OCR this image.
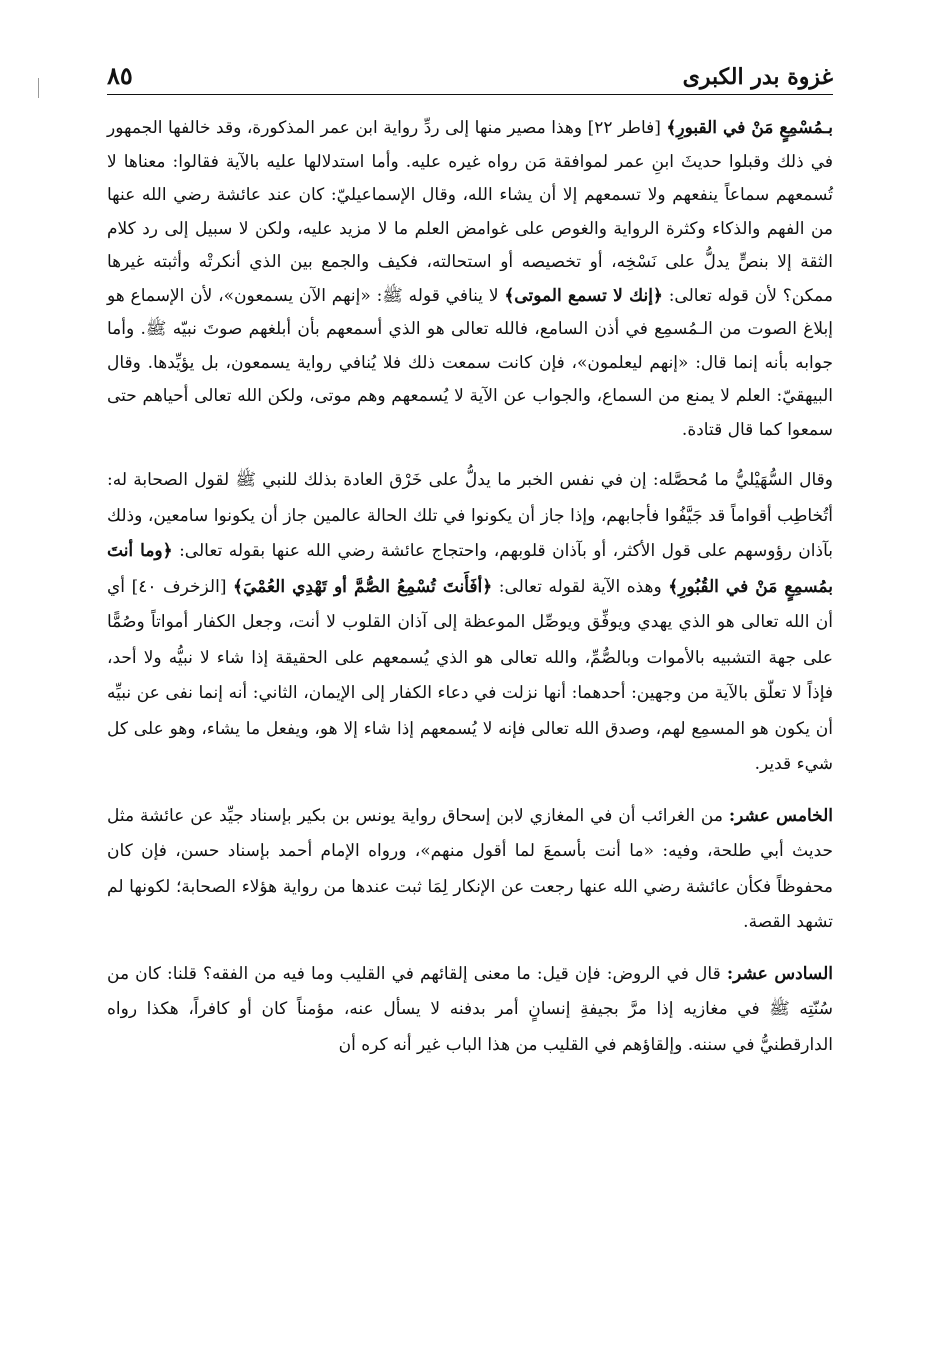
غزوة بدر الكبرى
٨٥

بـمُسْمِعٍ مَنْ في القبورِ﴾ [فاطر ٢٢] وهذا مصير منها إلى ردِّ رواية ابن عمر المذكورة، وقد خالفها الجمهور في ذلك وقبلوا حديثَ ابنِ عمر لموافقة مَن رواه غيره عليه. وأما استدلالها عليه بالآية فقالوا: معناها لا تُسمعهم سماعاً ينفعهم ولا تسمعهم إلا أن يشاء الله، وقال الإسماعيليّ: كان عند عائشة رضي الله عنها من الفهم والذكاء وكثرة الرواية والغوص على غوامض العلم ما لا مزيد عليه، ولكن لا سبيل إلى رد كلام الثقة إلا بنصٍّ يدلُّ على نَسْخِه، أو تخصيصه أو استحالته، فكيف والجمع بين الذي أنكرتْه وأثبته غيرها ممكن؟ لأن قوله تعالى: ﴿إنك لا تسمع الموتى﴾ لا ينافي قوله ﷺ: «إنهم الآن يسمعون»، لأن الإسماع هو إبلاغ الصوت من الـمُسمِع في أذن السامع، فالله تعالى هو الذي أسمعهم بأن أبلغهم صوتَ نبيّه ﷺ. وأما جوابه بأنه إنما قال: «إنهم ليعلمون»، فإن كانت سمعت ذلك فلا يُنافي رواية يسمعون، بل يؤيِّدها. وقال البيهقيّ: العلم لا يمنع من السماع، والجواب عن الآية لا يُسمعهم وهم موتى، ولكن الله تعالى أحياهم حتى سمعوا كما قال قتادة.

وقال السُّهَيْليُّ ما مُحصَّله: إن في نفس الخبر ما يدلُّ على خَرْق العادة بذلك للنبي ﷺ لقول الصحابة له: أتُخاطِب أقواماً قد جَيَّفُوا فأجابهم، وإذا جاز أن يكونوا في تلك الحالة عالمين جاز أن يكونوا سامعين، وذلك بآذان رؤوسهم على قول الأكثر، أو بآذان قلوبهم، واحتجاج عائشة رضي الله عنها بقوله تعالى: ﴿وما أنتَ بمُسمِعٍ مَنْ في القُبُورِ﴾ وهذه الآية لقوله تعالى: ﴿أفَأَنتَ تُسْمِعُ الصُّمَّ أو تَهْدِي العُمْيَ﴾ [الزخرف ٤٠] أي أن الله تعالى هو الذي يهدي ويوفِّق ويوصِّل الموعظة إلى آذان القلوب لا أنت، وجعل الكفار أمواتاً وصُمًّا على جهة التشبيه بالأموات وبالصُّمِّ، والله تعالى هو الذي يُسمعهم على الحقيقة إذا شاء لا نبيُّه ولا أحد، فإذاً لا تعلّق بالآية من وجهين: أحدهما: أنها نزلت في دعاء الكفار إلى الإيمان، الثاني: أنه إنما نفى عن نبيِّه أن يكون هو المسمِع لهم، وصدق الله تعالى فإنه لا يُسمعهم إذا شاء إلا هو، ويفعل ما يشاء، وهو على كل شيء قدير.

الخامس عشر: من الغرائب أن في المغازي لابن إسحاق رواية يونس بن بكير بإسناد جيِّد عن عائشة مثل حديث أبي طلحة، وفيه: «ما أنت بأسمعَ لما أقول منهم»، ورواه الإمام أحمد بإسناد حسن، فإن كان محفوظاً فكأن عائشة رضي الله عنها رجعت عن الإنكار لِمَا ثبت عندها من رواية هؤلاء الصحابة؛ لكونها لم تشهد القصة.

السادس عشر: قال في الروض: فإن قيل: ما معنى إلقائهم في القليب وما فيه من الفقه؟ قلنا: كان من سُنّتِه ﷺ في مغازيه إذا مرَّ بجيفةِ إنسانٍ أمر بدفنه لا يسأل عنه، مؤمناً كان أو كافراً، هكذا رواه الدارقطنيُّ في سننه. وإلقاؤهم في القليب من هذا الباب غير أنه كره أن
